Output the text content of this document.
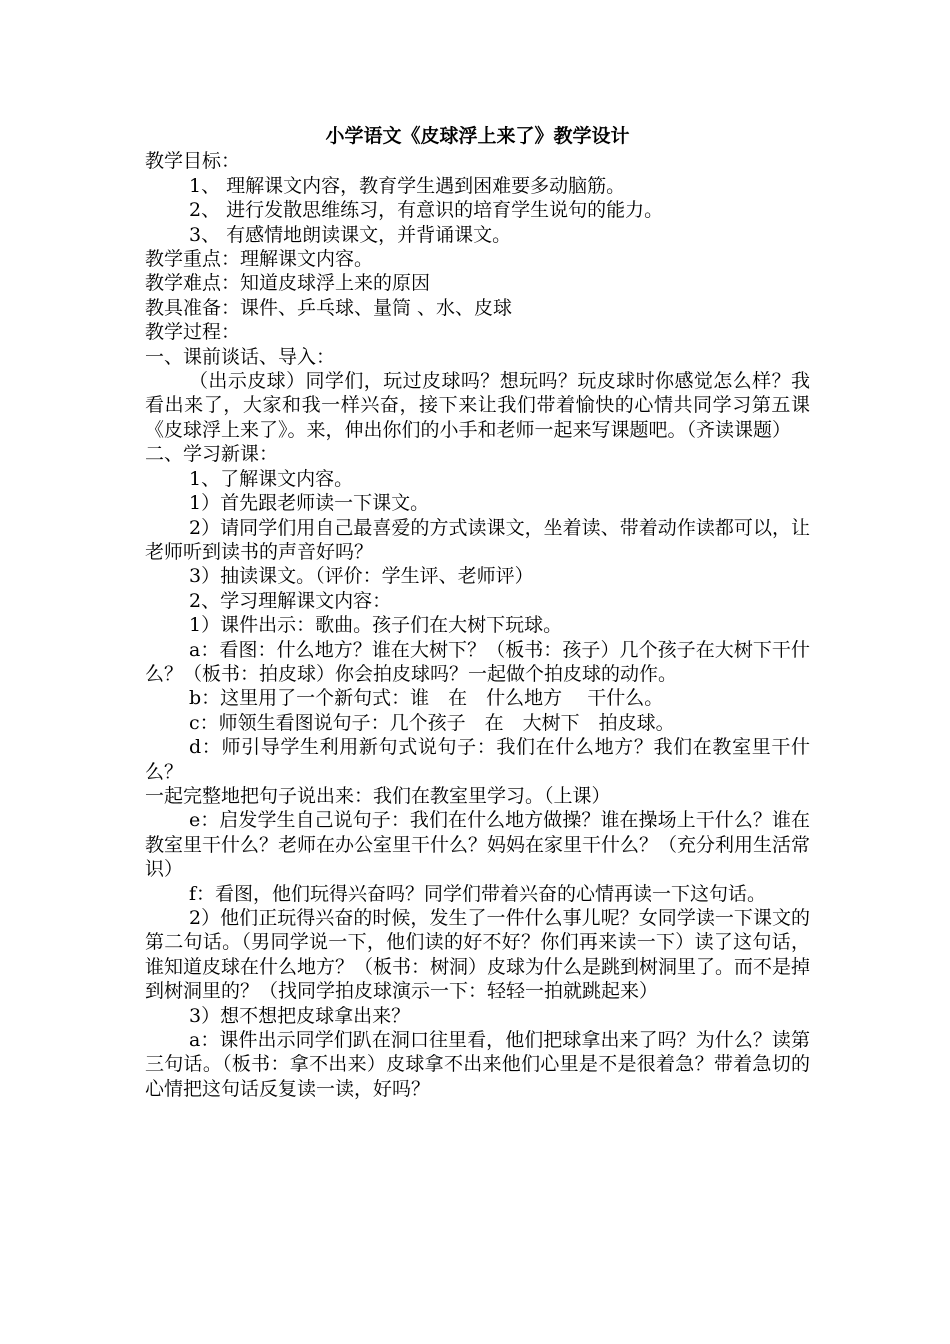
小学语文《皮球浮上来了》教学设计

教学目标：

1、 理解课文内容，教育学生遇到困难要多动脑筋。

2、 进行发散思维练习，有意识的培育学生说句的能力。

3、 有感情地朗读课文，并背诵课文。

教学重点：理解课文内容。

教学难点：知道皮球浮上来的原因

教具准备：课件、乒乓球、量筒 、水、皮球

教学过程：

一、课前谈话、导入：

（出示皮球）同学们，玩过皮球吗？想玩吗？玩皮球时你感觉怎么样？我看出来了，大家和我一样兴奋，接下来让我们带着愉快的心情共同学习第五课《皮球浮上来了》。来，伸出你们的小手和老师一起来写课题吧。（齐读课题）

二、学习新课：

1、了解课文内容。

1）首先跟老师读一下课文。

2）请同学们用自己最喜爱的方式读课文，坐着读、带着动作读都可以，让老师听到读书的声音好吗？

3）抽读课文。（评价：学生评、老师评）

2、学习理解课文内容：

1）课件出示：歌曲。孩子们在大树下玩球。

a：看图：什么地方？谁在大树下？（板书：孩子）几个孩子在大树下干什么？（板书：拍皮球）你会拍皮球吗？一起做个拍皮球的动作。

b：这里用了一个新句式：谁　在　什么地方　 干什么。

c：师领生看图说句子：几个孩子　在　大树下　拍皮球。

d：师引导学生利用新句式说句子：我们在什么地方？我们在教室里干什么？

一起完整地把句子说出来：我们在教室里学习。（上课）

e：启发学生自己说句子：我们在什么地方做操？谁在操场上干什么？谁在教室里干什么？老师在办公室里干什么？妈妈在家里干什么？（充分利用生活常识）

f：看图，他们玩得兴奋吗？同学们带着兴奋的心情再读一下这句话。

2）他们正玩得兴奋的时候，发生了一件什么事儿呢？女同学读一下课文的第二句话。（男同学说一下，他们读的好不好？你们再来读一下）读了这句话，谁知道皮球在什么地方？（板书：树洞）皮球为什么是跳到树洞里了。而不是掉到树洞里的？（找同学拍皮球演示一下：轻轻一拍就跳起来）

3）想不想把皮球拿出来？

a：课件出示同学们趴在洞口往里看，他们把球拿出来了吗？为什么？读第三句话。（板书：拿不出来）皮球拿不出来他们心里是不是很着急？带着急切的心情把这句话反复读一读，好吗？
